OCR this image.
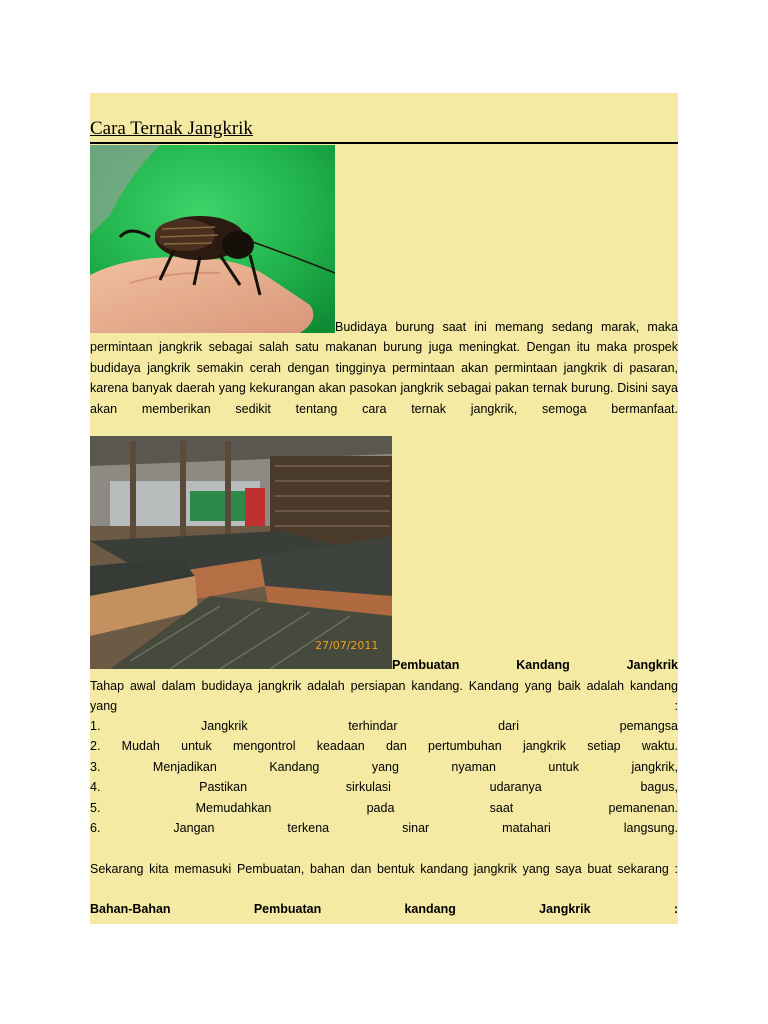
Cara Ternak Jangkrik
Budidaya burung saat ini memang sedang marak, maka
permintaan jangkrik sebagai salah satu makanan burung juga meningkat. Dengan itu maka prospek
budidaya jangkrik semakin cerah dengan tingginya permintaan akan permintaan jangkrik di pasaran,
karena banyak daerah yang kekurangan akan pasokan jangkrik sebagai pakan ternak burung. Disini saya
akan memberikan sedikit tentang cara ternak jangkrik, semoga bermanfaat.
27/07/2011
Pembuatan Kandang Jangkrik
Tahap awal dalam budidaya jangkrik adalah persiapan kandang. Kandang yang baik adalah kandang
yang	:
1. Jangkrik terhindar dari pemangsa
2. Mudah untuk mengontrol keadaan dan pertumbuhan jangkrik setiap waktu.
3. Menjadikan Kandang yang nyaman untuk jangkrik,
4. Pastikan sirkulasi udaranya bagus,
5. Memudahkan pada saat pemanenan.
6. Jangan terkena sinar matahari langsung.
Sekarang kita memasuki Pembuatan, bahan dan bentuk kandang jangkrik yang saya buat sekarang :
Bahan-Bahan Pembuatan kandang Jangkrik :
